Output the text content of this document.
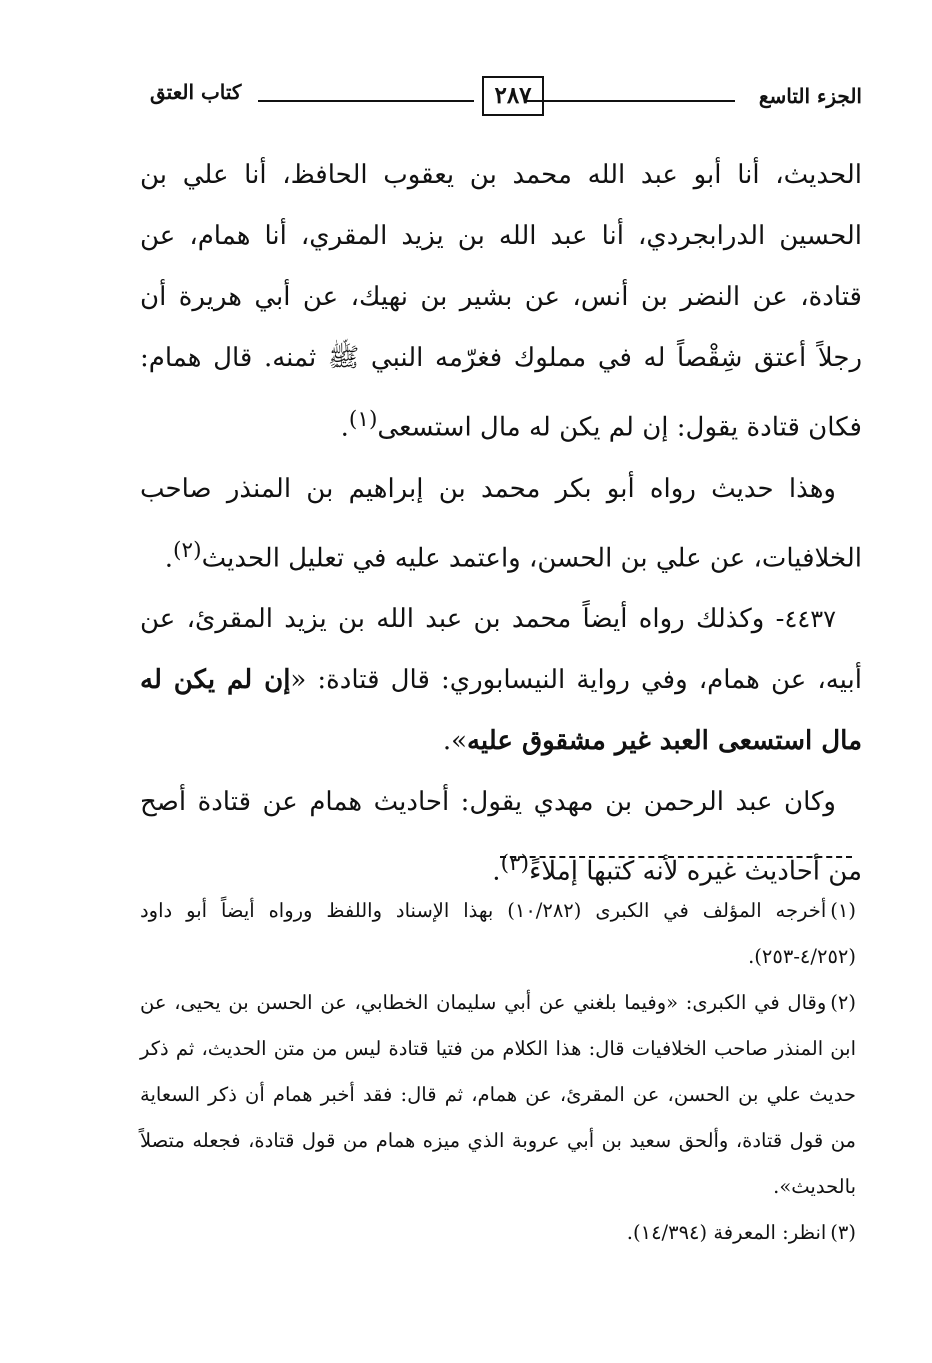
الجزء التاسع
٢٨٧
كتاب العتق

الحديث، أنا أبو عبد الله محمد بن يعقوب الحافظ، أنا علي بن الحسين الدرابجردي، أنا عبد الله بن يزيد المقري، أنا همام، عن قتادة، عن النضر بن أنس، عن بشير بن نهيك، عن أبي هريرة أن رجلاً أعتق شِقْصاً له في مملوك فغرّمه النبي ﷺ ثمنه. قال همام: فكان قتادة يقول: إن لم يكن له مال استسعى$^{(١)}$.

وهذا حديث رواه أبو بكر محمد بن إبراهيم بن المنذر صاحب الخلافيات، عن علي بن الحسن، واعتمد عليه في تعليل الحديث$^{(٢)}$.

٤٤٣٧- وكذلك رواه أيضاً محمد بن عبد الله بن يزيد المقرئ، عن أبيه، عن همام، وفي رواية النيسابوري: قال قتادة: «إن لم يكن له مال استسعى العبد غير مشقوق عليه».

وكان عبد الرحمن بن مهدي يقول: أحاديث همام عن قتادة أصح من أحاديث غيره لأنه كتبها إملاءً$^{(٣)}$.

(١)أخرجه المؤلف في الكبرى (١٠/٢٨٢) بهذا الإسناد واللفظ ورواه أيضاً أبو داود (٤/٢٥٢-٢٥٣).

(٢)وقال في الكبرى: «وفيما بلغني عن أبي سليمان الخطابي، عن الحسن بن يحيى، عن ابن المنذر صاحب الخلافيات قال: هذا الكلام من فتيا قتادة ليس من متن الحديث، ثم ذكر حديث علي بن الحسن، عن المقرئ، عن همام، ثم قال: فقد أخبر همام أن ذكر السعاية من قول قتادة، وألحق سعيد بن أبي عروبة الذي ميزه همام من قول قتادة، فجعله متصلاً بالحديث».

(٣)انظر: المعرفة (١٤/٣٩٤).
